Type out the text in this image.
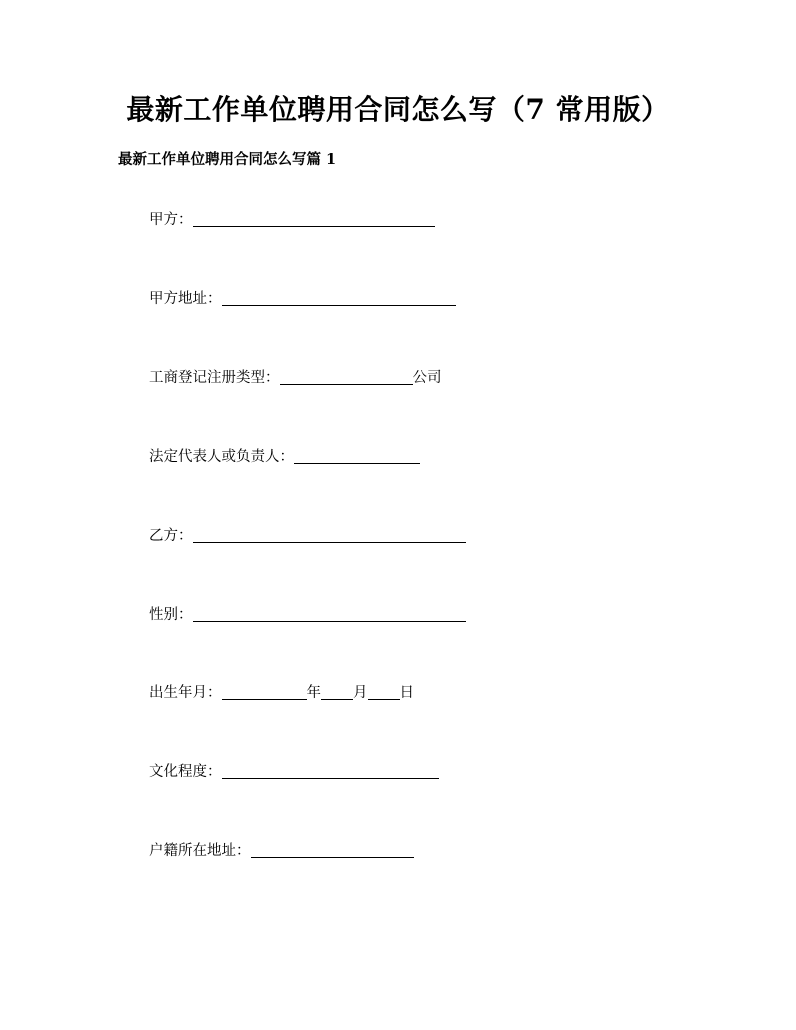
最新工作单位聘用合同怎么写（7 常用版）
最新工作单位聘用合同怎么写篇 1
甲方：
甲方地址：
工商登记注册类型：	公司
法定代表人或负责人：
乙方：
性别：
出生年月：	年 月 日
文化程度：
户籍所在地址：
